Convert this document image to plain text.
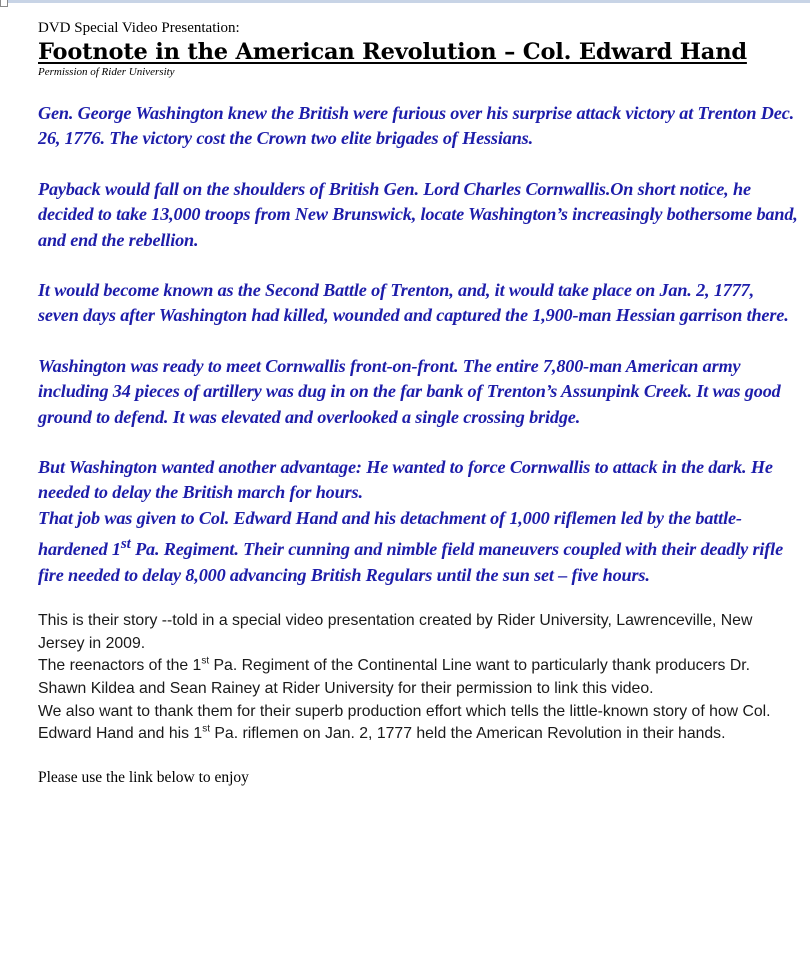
DVD Special Video Presentation:

Footnote in the American Revolution – Col. Edward Hand

Permission of Rider University

Gen. George Washington knew the British were furious over his surprise attack victory at Trenton Dec. 26, 1776. The victory cost the Crown two elite brigades of Hessians.

Payback would fall on the shoulders of British Gen. Lord Charles Cornwallis.On short notice, he decided to take 13,000 troops from New Brunswick, locate Washington’s increasingly bothersome band, and end the rebellion.

It would become known as the Second Battle of Trenton, and, it would take place on Jan. 2, 1777, seven days after Washington had killed, wounded and captured the 1,900-man Hessian garrison there.

Washington was ready to meet Cornwallis front-on-front. The entire 7,800-man American army including 34 pieces of artillery was dug in on the far bank of Trenton’s Assunpink Creek. It was good ground to defend. It was elevated and overlooked a single crossing bridge.

But Washington wanted another advantage: He wanted to force Cornwallis to attack in the dark. He needed to delay the British march for hours.

That job was given to Col. Edward Hand and his detachment of 1,000 riflemen led by the battle-hardened 1st Pa. Regiment. Their cunning and nimble field maneuvers coupled with their deadly rifle fire needed to delay 8,000 advancing British Regulars until the sun set – five hours.

This is their story --told in a special video presentation created by Rider University, Lawrenceville, New Jersey in 2009.

The reenactors of the 1st Pa. Regiment of the Continental Line want to particularly thank producers Dr. Shawn Kildea and Sean Rainey at Rider University for their permission to link this video.

We also want to thank them for their superb production effort which tells the little-known story of how Col. Edward Hand and his 1st Pa. riflemen on Jan. 2, 1777 held the American Revolution in their hands.

Please use the link below to enjoy
